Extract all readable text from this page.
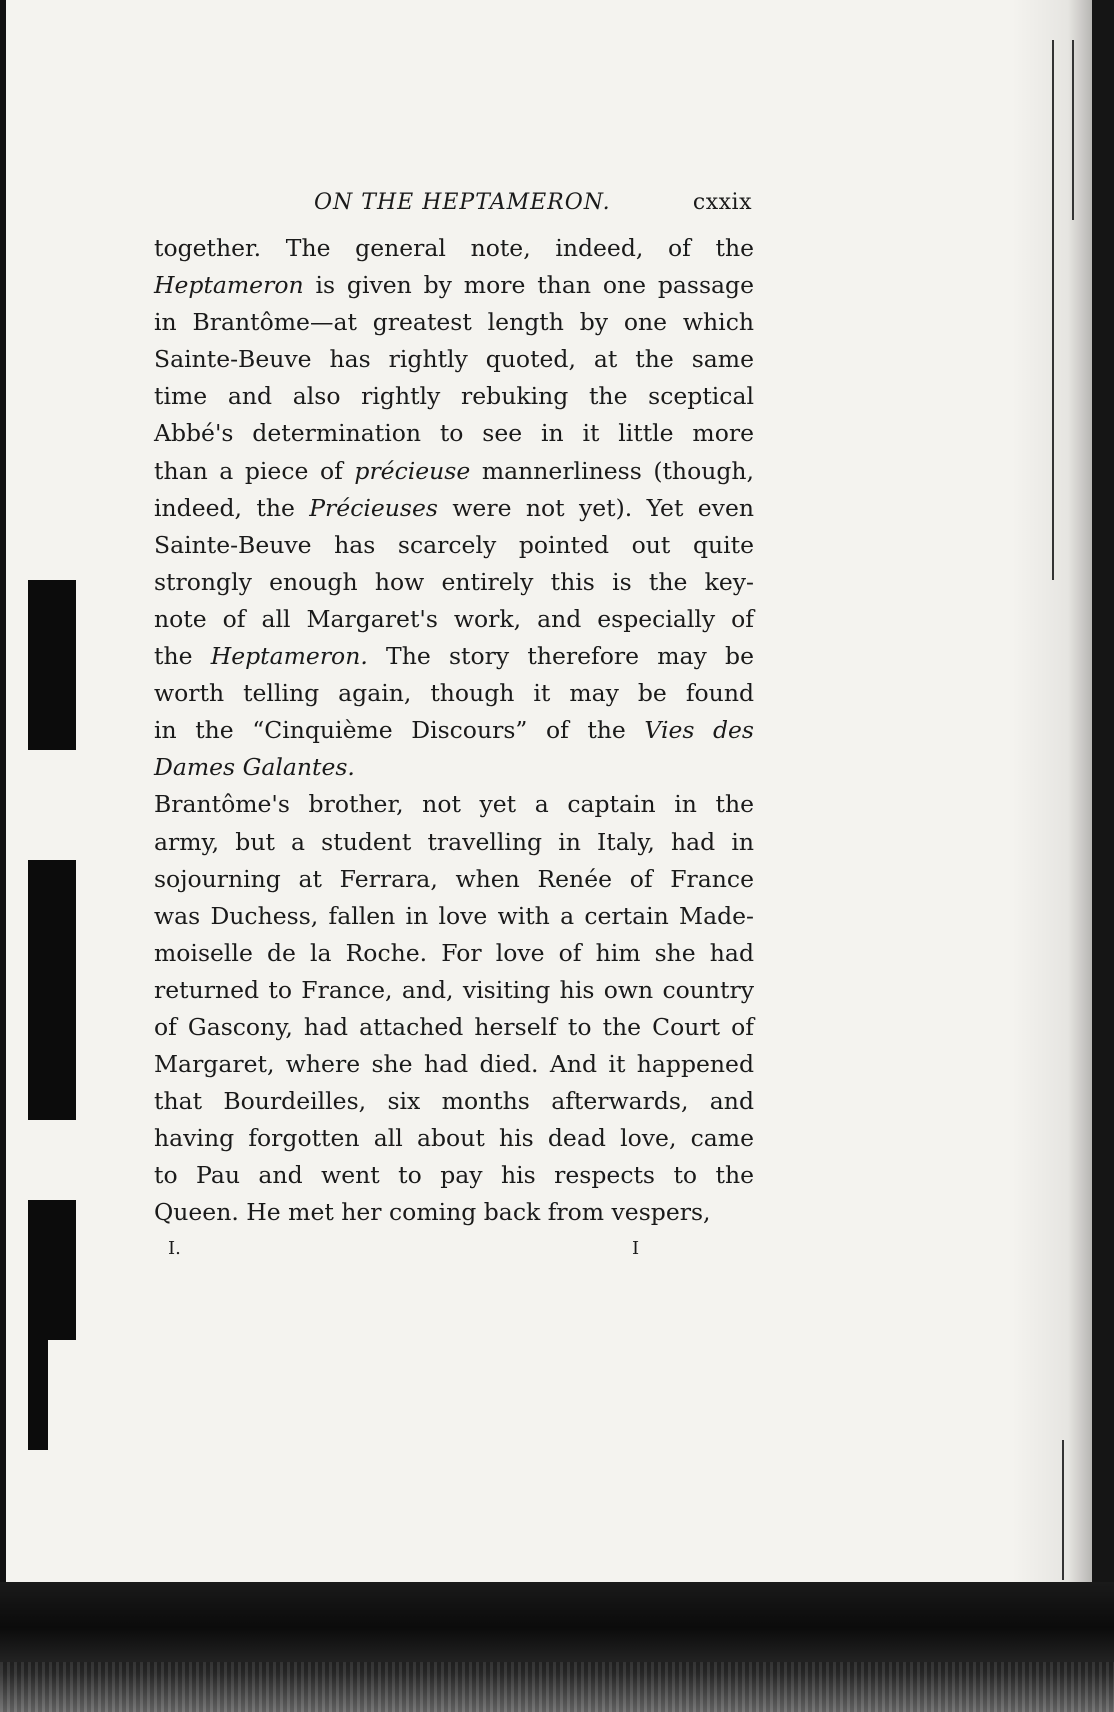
ON THE HEPTAMERON.	cxxix
together. The general note, indeed, of the
Heptameron is given by more than one passage
in Brantôme—at greatest length by one which
Sainte-Beuve has rightly quoted, at the same
time and also rightly rebuking the sceptical
Abbé's determination to see in it little more
than a piece of précieuse mannerliness (though,
indeed, the Précieuses were not yet). Yet even
Sainte-Beuve has scarcely pointed out quite
strongly enough how entirely this is the key-
note of all Margaret's work, and especially of
the Heptameron. The story therefore may be
worth telling again, though it may be found
in the “Cinquième Discours” of the Vies des
Dames Galantes.
Brantôme's brother, not yet a captain in the
army, but a student travelling in Italy, had in
sojourning at Ferrara, when Renée of France
was Duchess, fallen in love with a certain Made-
moiselle de la Roche. For love of him she had
returned to France, and, visiting his own country
of Gascony, had attached herself to the Court of
Margaret, where she had died. And it happened
that Bourdeilles, six months afterwards, and
having forgotten all about his dead love, came
to Pau and went to pay his respects to the
Queen. He met her coming back from vespers,
I.	I
